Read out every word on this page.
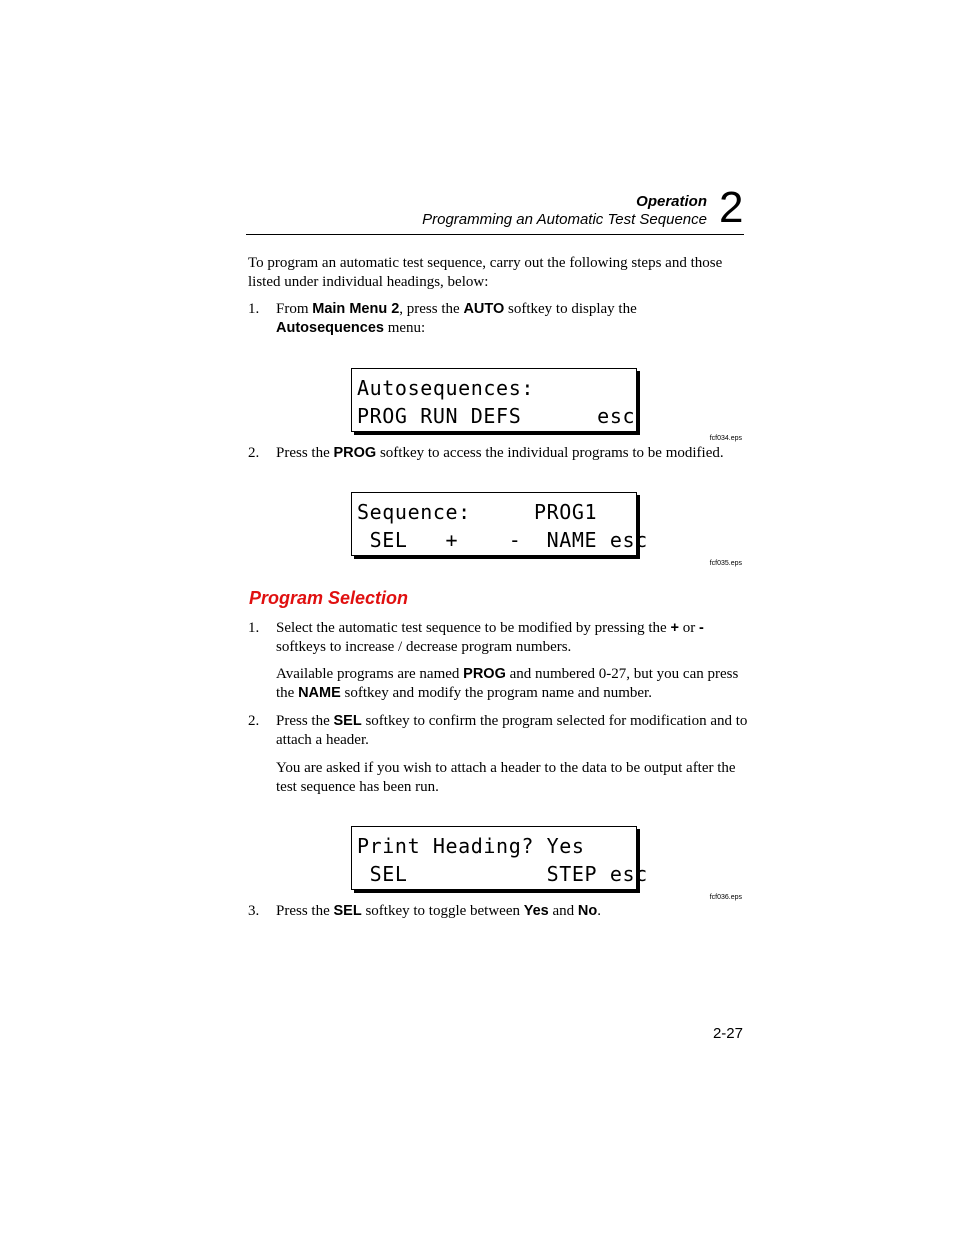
Operation
Programming an Automatic Test Sequence 2
To program an automatic test sequence, carry out the following steps and those listed under individual headings, below:
1. From Main Menu 2, press the AUTO softkey to display the
Autosequences menu:
Autosequences:
PROG RUN DEFS      esc
fcf034.eps
2. Press the PROG softkey to access the individual programs to be modified.
Sequence:     PROG1
SEL   +    -  NAME esc
fcf035.eps
Program Selection
1. Select the automatic test sequence to be modified by pressing the + or - softkeys to increase / decrease program numbers.
Available programs are named PROG and numbered 0-27, but you can press the NAME softkey and modify the program name and number.
2. Press the SEL softkey to confirm the program selected for modification and to attach a header.
You are asked if you wish to attach a header to the data to be output after the test sequence has been run.
Print Heading? Yes
SEL           STEP esc
fcf036.eps
3. Press the SEL softkey to toggle between Yes and No.
2-27
